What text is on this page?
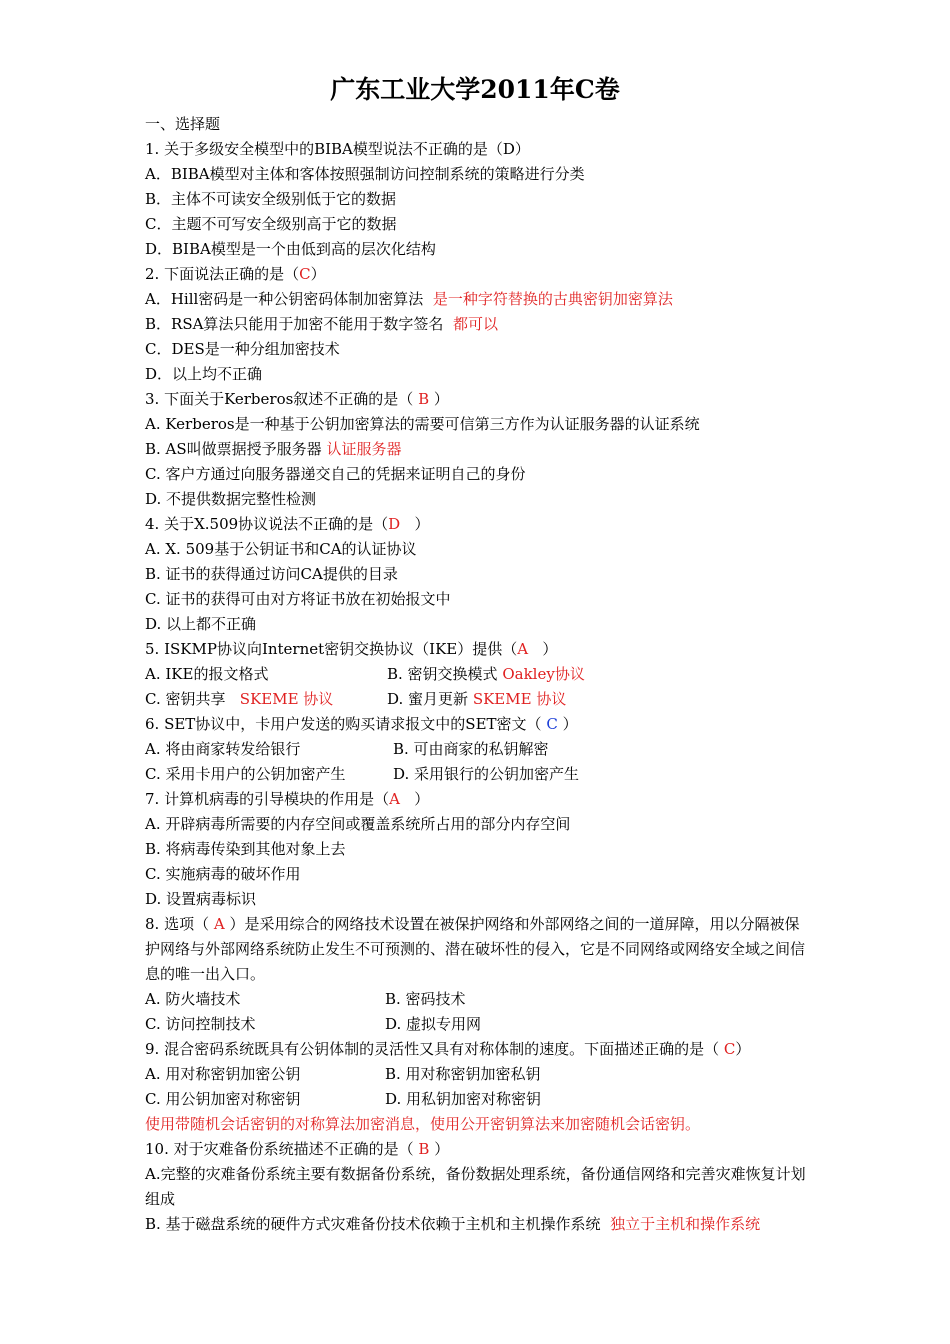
广东工业大学2011年C卷
一、选择题
1. 关于多级安全模型中的BIBA模型说法不正确的是（D）
A．BIBA模型对主体和客体按照强制访问控制系统的策略进行分类
B．主体不可读安全级别低于它的数据
C．主题不可写安全级别高于它的数据
D．BIBA模型是一个由低到高的层次化结构
2. 下面说法正确的是（C）
A．Hill密码是一种公钥密码体制加密算法 是一种字符替换的古典密钥加密算法
B．RSA算法只能用于加密不能用于数字签名 都可以
C．DES是一种分组加密技术
D．以上均不正确
3. 下面关于Kerberos叙述不正确的是（ B ）
A. Kerberos是一种基于公钥加密算法的需要可信第三方作为认证服务器的认证系统
B. AS叫做票据授予服务器 认证服务器
C. 客户方通过向服务器递交自己的凭据来证明自己的身份
D. 不提供数据完整性检测
4. 关于X.509协议说法不正确的是（D ）
A. X. 509基于公钥证书和CA的认证协议
B. 证书的获得通过访问CA提供的目录
C. 证书的获得可由对方将证书放在初始报文中
D. 以上都不正确
5. ISKMP协议向Internet密钥交换协议（IKE）提供（A ）
A. IKE的报文格式	B. 密钥交换模式 Oakley协议
C. 密钥共享 SKEME 协议	D. 蜜月更新 SKEME 协议
6. SET协议中，卡用户发送的购买请求报文中的SET密文（ C ）
A. 将由商家转发给银行	B. 可由商家的私钥解密
C. 采用卡用户的公钥加密产生	D. 采用银行的公钥加密产生
7. 计算机病毒的引导模块的作用是（A ）
A. 开辟病毒所需要的内存空间或覆盖系统所占用的部分内存空间
B. 将病毒传染到其他对象上去
C. 实施病毒的破坏作用
D. 设置病毒标识
8. 选项（ A ）是采用综合的网络技术设置在被保护网络和外部网络之间的一道屏障，用以分隔被保护网络与外部网络系统防止发生不可预测的、潜在破坏性的侵入，它是不同网络或网络安全域之间信息的唯一出入口。
A. 防火墙技术	B. 密码技术
C. 访问控制技术	D. 虚拟专用网
9. 混合密码系统既具有公钥体制的灵活性又具有对称体制的速度。下面描述正确的是（ C）
A. 用对称密钥加密公钥	B. 用对称密钥加密私钥
C. 用公钥加密对称密钥	D. 用私钥加密对称密钥
使用带随机会话密钥的对称算法加密消息，使用公开密钥算法来加密随机会话密钥。
10. 对于灾难备份系统描述不正确的是（ B ）
A.完整的灾难备份系统主要有数据备份系统，备份数据处理系统，备份通信网络和完善灾难恢复计划组成
B. 基于磁盘系统的硬件方式灾难备份技术依赖于主机和主机操作系统 独立于主机和操作系统
